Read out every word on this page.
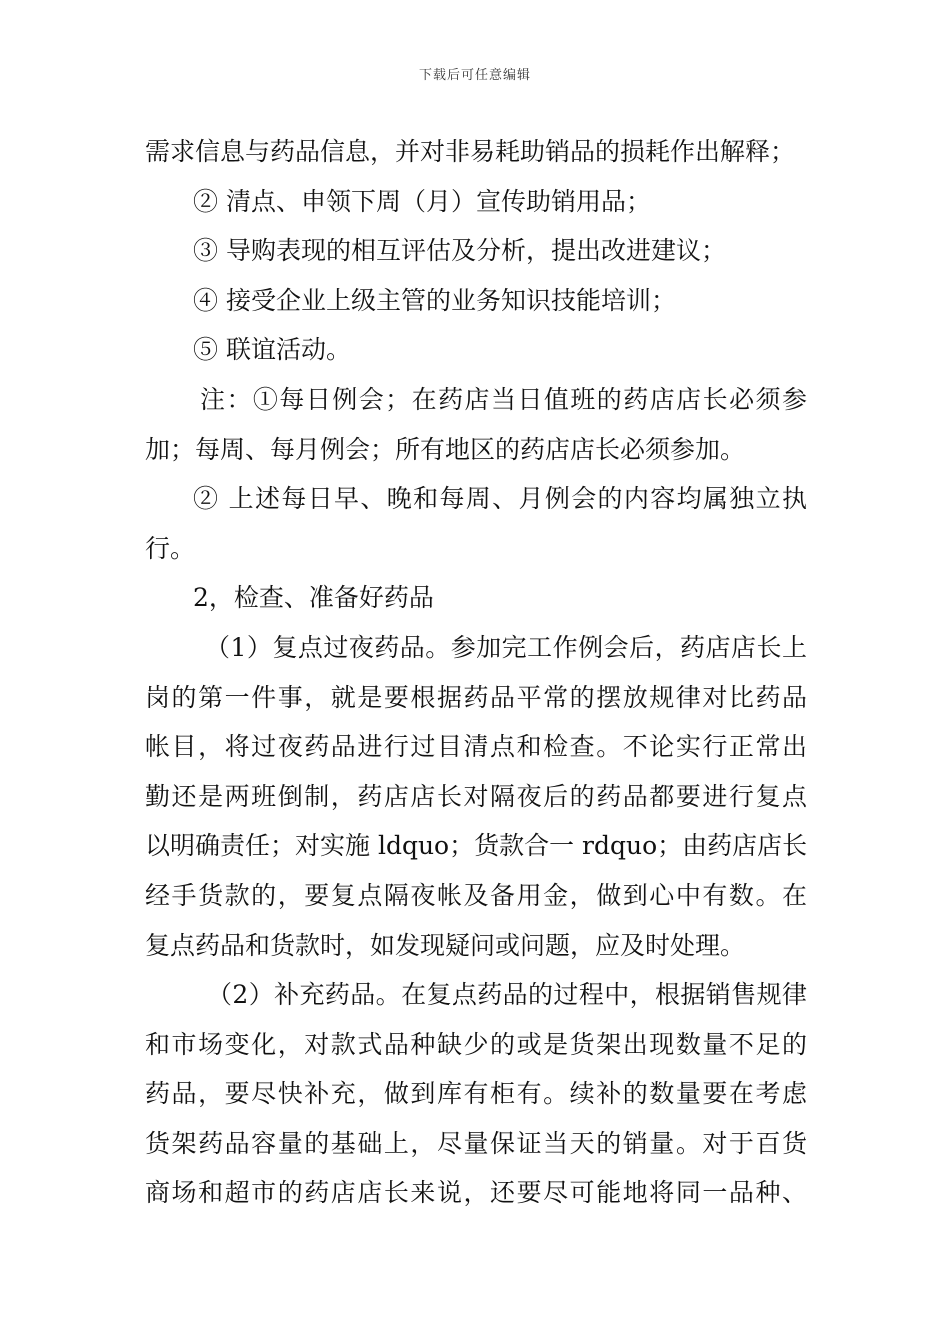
下载后可任意编辑
需求信息与药品信息，并对非易耗助销品的损耗作出解释；
② 清点、申领下周（月）宣传助销用品；
③ 导购表现的相互评估及分析，提出改进建议；
④ 接受企业上级主管的业务知识技能培训；
⑤ 联谊活动。
注：①每日例会；在药店当日值班的药店店长必须参
加；每周、每月例会；所有地区的药店店长必须参加。
② 上述每日早、晚和每周、月例会的内容均属独立执
行。
2，检查、准备好药品
（1）复点过夜药品。参加完工作例会后，药店店长上
岗的第一件事，就是要根据药品平常的摆放规律对比药品
帐目，将过夜药品进行过目清点和检查。不论实行正常出
勤还是两班倒制，药店店长对隔夜后的药品都要进行复点
以明确责任；对实施 ldquo；货款合一 rdquo；由药店店长
经手货款的，要复点隔夜帐及备用金，做到心中有数。在
复点药品和货款时，如发现疑问或问题，应及时处理。
（2）补充药品。在复点药品的过程中，根据销售规律
和市场变化，对款式品种缺少的或是货架出现数量不足的
药品，要尽快补充，做到库有柜有。续补的数量要在考虑
货架药品容量的基础上，尽量保证当天的销量。对于百货
商场和超市的药店店长来说，还要尽可能地将同一品种、
